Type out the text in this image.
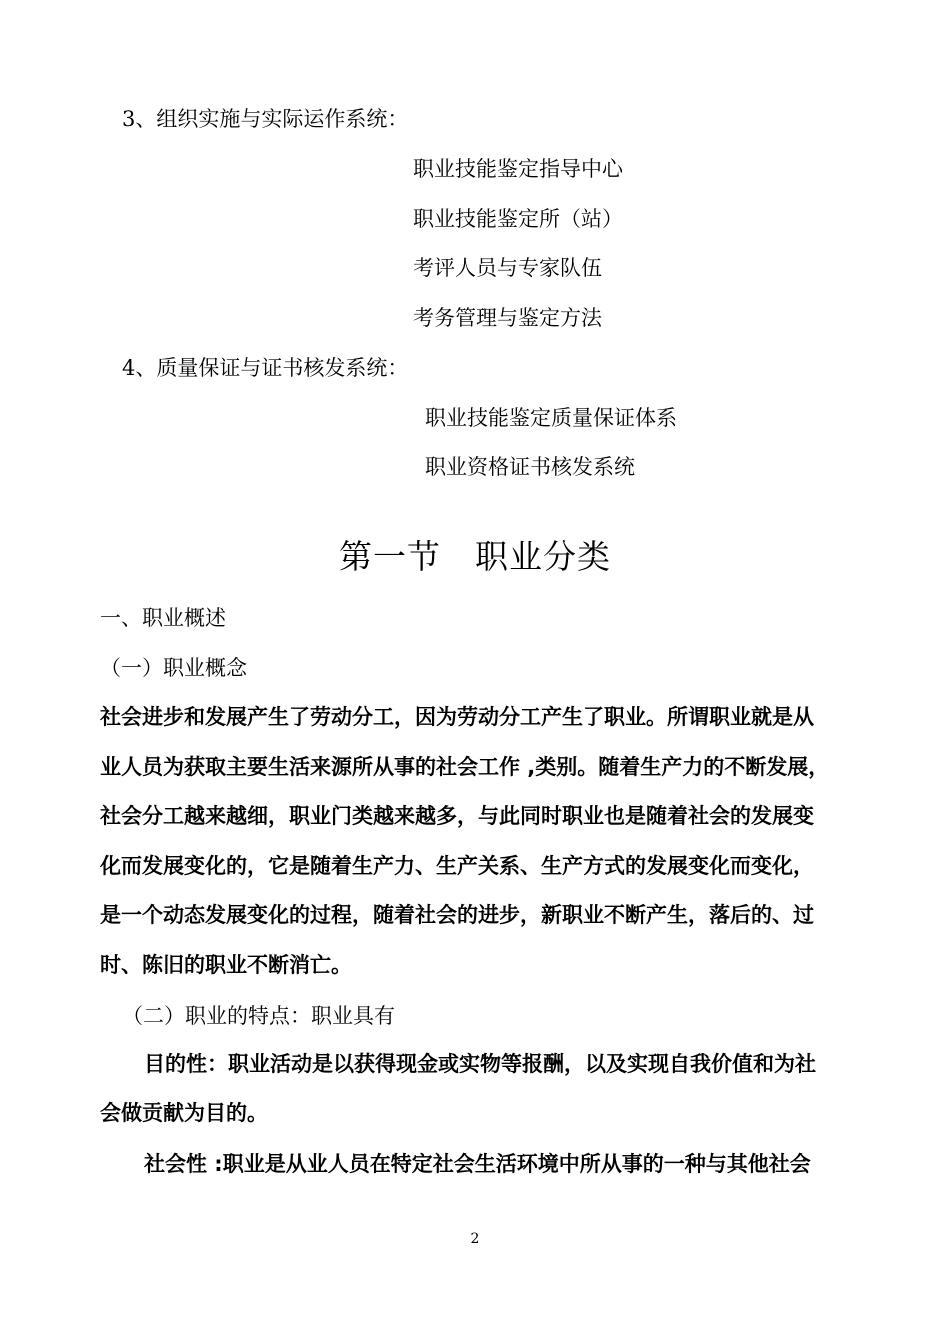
3、组织实施与实际运作系统：

职业技能鉴定指导中心

职业技能鉴定所（站）

考评人员与专家队伍

考务管理与鉴定方法

4、质量保证与证书核发系统：

职业技能鉴定质量保证体系

职业资格证书核发系统

第一节　职业分类

一、职业概述

（一）职业概念

社会进步和发展产生了劳动分工，因为劳动分工产生了职业。所谓职业就是从

业人员为获取主要生活来源所从事的社会工作 ,类别。随着生产力的不断发展，

社会分工越来越细，职业门类越来越多，与此同时职业也是随着社会的发展变

化而发展变化的，它是随着生产力、生产关系、生产方式的发展变化而变化，

是一个动态发展变化的过程，随着社会的进步，新职业不断产生，落后的、过

时、陈旧的职业不断消亡。

（二）职业的特点：职业具有

目的性：职业活动是以获得现金或实物等报酬，以及实现自我价值和为社

会做贡献为目的。

社会性 :职业是从业人员在特定社会生活环境中所从事的一种与其他社会

2
